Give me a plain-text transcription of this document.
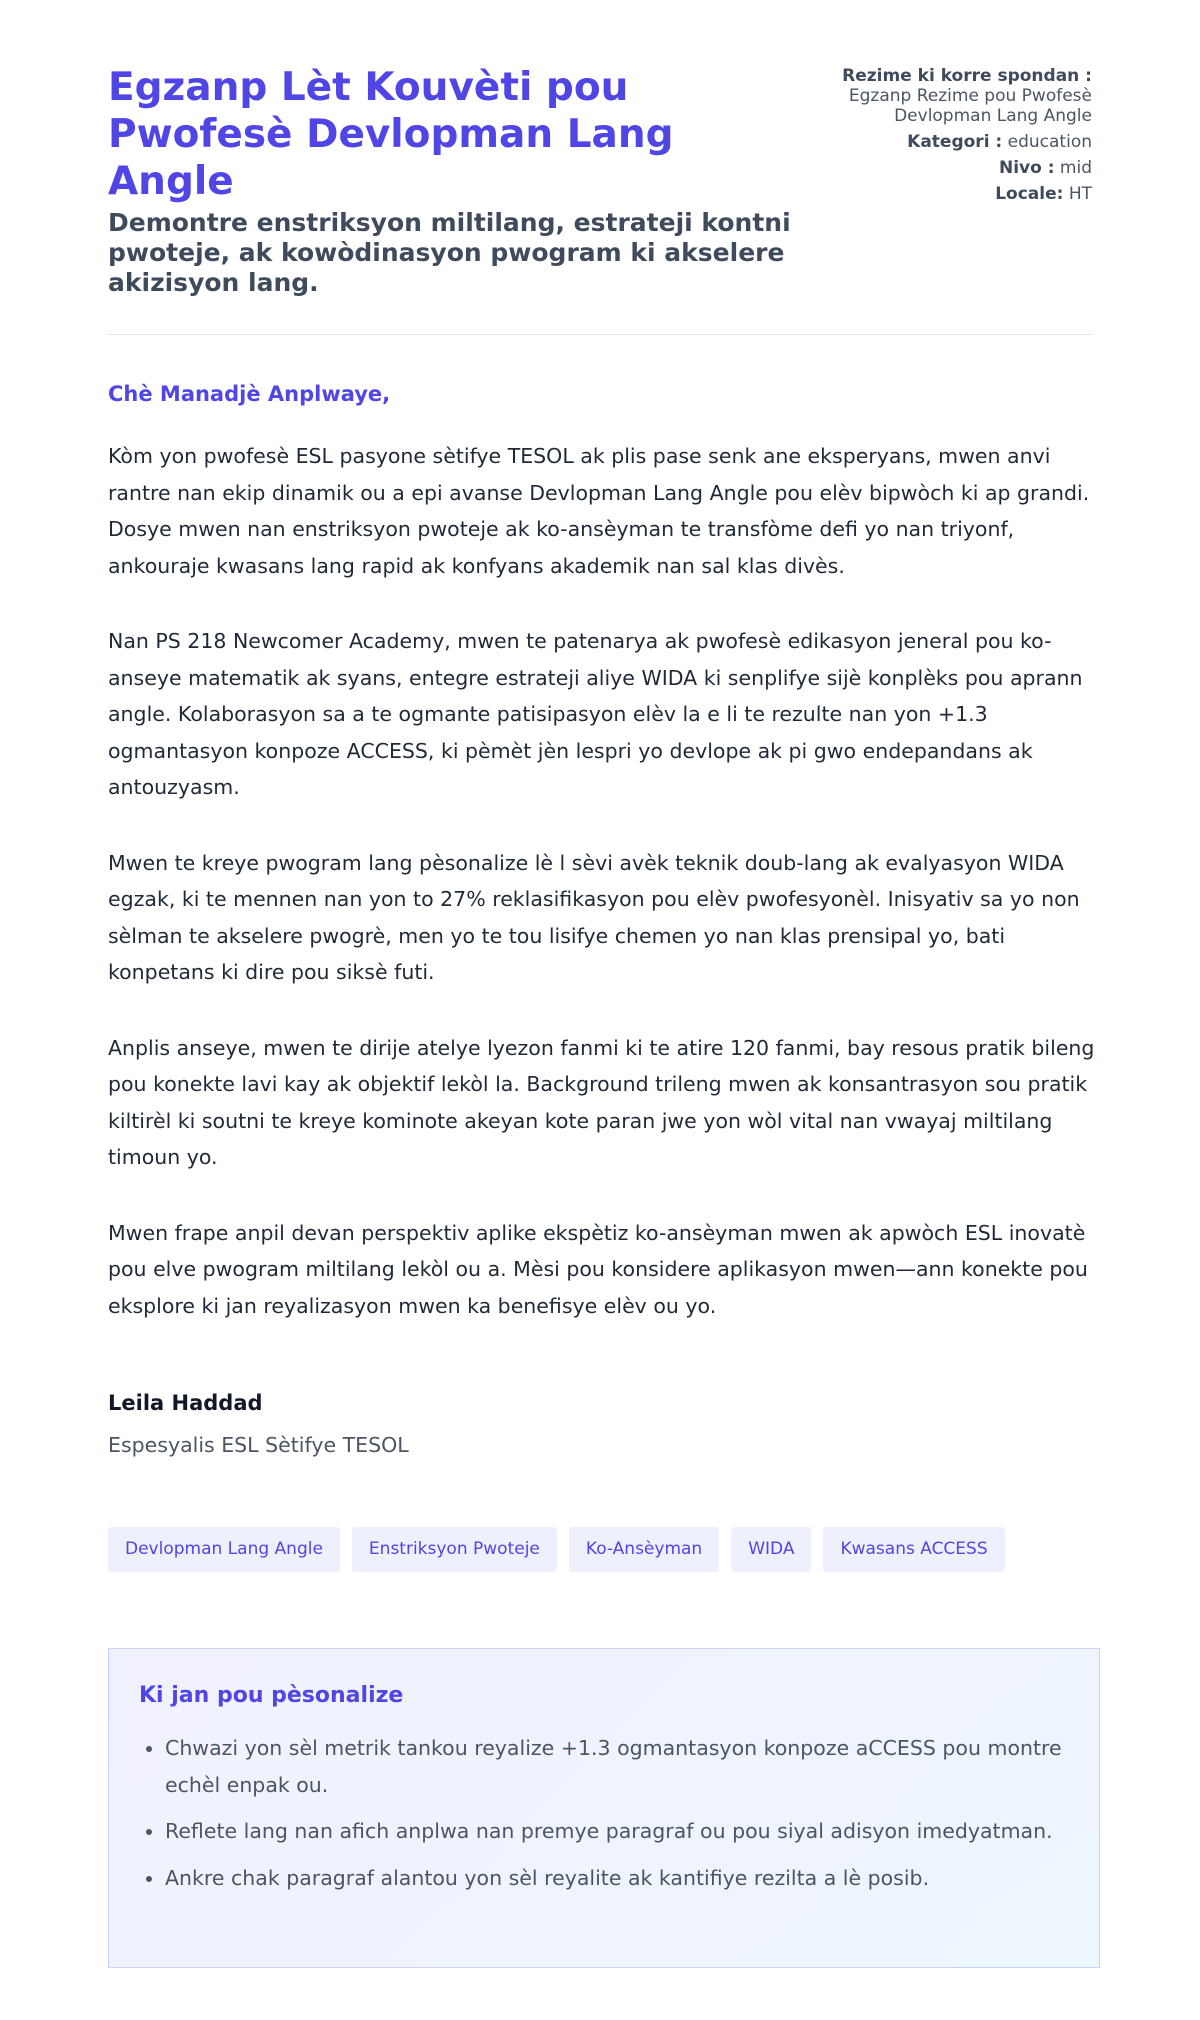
Egzanp Lèt Kouvèti pou Pwofesè Devlopman Lang Angle
Demontre enstriksyon miltilang, estrateji kontni pwoteje, ak kowòdinasyon pwogram ki akselere akizisyon lang.
Rezime ki korre spondan :
Egzanp Rezime pou Pwofesè Devlopman Lang Angle
Kategori : education
Nivo : mid
Locale: HT

Chè Manadjè Anplwaye,

Kòm yon pwofesè ESL pasyone sètifye TESOL ak plis pase senk ane eksperyans, mwen anvi rantre nan ekip dinamik ou a epi avanse Devlopman Lang Angle pou elèv bipwòch ki ap grandi. Dosye mwen nan enstriksyon pwoteje ak ko-ansèyman te transfòme defi yo nan triyonf, ankouraje kwasans lang rapid ak konfyans akademik nan sal klas divès.

Nan PS 218 Newcomer Academy, mwen te patenarya ak pwofesè edikasyon jeneral pou ko-anseye matematik ak syans, entegre estrateji aliye WIDA ki senplifye sijè konplèks pou aprann angle. Kolaborasyon sa a te ogmante patisipasyon elèv la e li te rezulte nan yon +1.3 ogmantasyon konpoze ACCESS, ki pèmèt jèn lespri yo devlope ak pi gwo endepandans ak antouzyasm.

Mwen te kreye pwogram lang pèsonalize lè l sèvi avèk teknik doub-lang ak evalyasyon WIDA egzak, ki te mennen nan yon to 27% reklasifikasyon pou elèv pwofesyonèl. Inisyativ sa yo non sèlman te akselere pwogrè, men yo te tou lisifye chemen yo nan klas prensipal yo, bati konpetans ki dire pou siksè futi.

Anplis anseye, mwen te dirije atelye lyezon fanmi ki te atire 120 fanmi, bay resous pratik bileng pou konekte lavi kay ak objektif lekòl la. Background trileng mwen ak konsantrasyon sou pratik kiltirèl ki soutni te kreye kominote akeyan kote paran jwe yon wòl vital nan vwayaj miltilang timoun yo.

Mwen frape anpil devan perspektiv aplike ekspètiz ko-ansèyman mwen ak apwòch ESL inovatè pou elve pwogram miltilang lekòl ou a. Mèsi pou konsidere aplikasyon mwen—ann konekte pou eksplore ki jan reyalizasyon mwen ka benefisye elèv ou yo.

Leila Haddad

Espesyalis ESL Sètifye TESOL

Devlopman Lang Angle	Enstriksyon Pwoteje	Ko-Ansèyman	WIDA	Kwasans ACCESS
Ki jan pou pèsonalize
• Chwazi yon sèl metrik tankou reyalize +1.3 ogmantasyon konpoze aCCESS pou montre echèl enpak ou.
• Reflete lang nan afich anplwa nan premye paragraf ou pou siyal adisyon imedyatman.
• Ankre chak paragraf alantou yon sèl reyalite ak kantifiye rezilta a lè posib.
